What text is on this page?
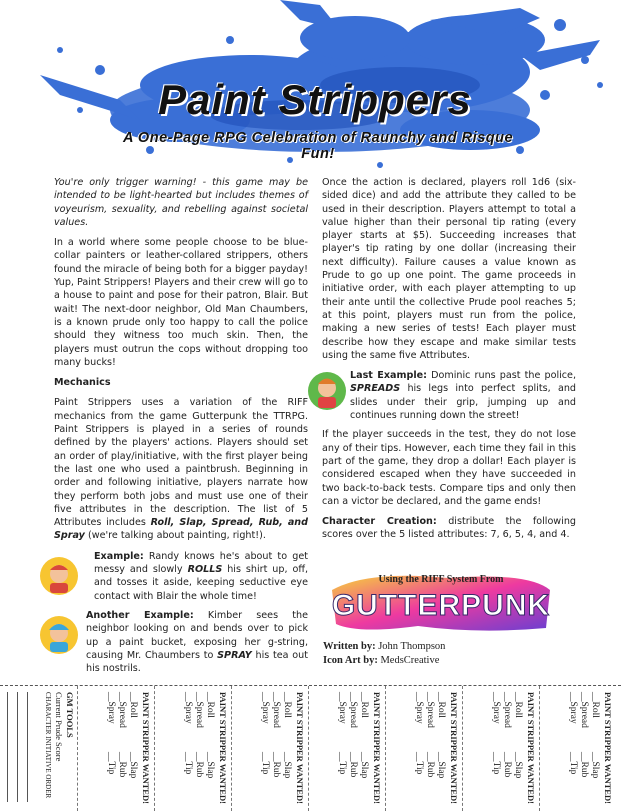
Paint Strippers
A One-Page RPG Celebration of Raunchy and Risque Fun!

You're only trigger warning! - this game may be intended to be light-hearted but includes themes of voyeurism, sexuality, and rebelling against societal values.

In a world where some people choose to be blue-collar painters or leather-collared strippers, others found the miracle of being both for a bigger payday! Yup, Paint Strippers! Players and their crew will go to a house to paint and pose for their patron, Blair. But wait! The next-door neighbor, Old Man Chaumbers, is a known prude only too happy to call the police should they witness too much skin. Then, the players must outrun the cops without dropping too many bucks!

Mechanics

Paint Strippers uses a variation of the RIFF mechanics from the game Gutterpunk the TTRPG. Paint Strippers is played in a series of rounds defined by the players' actions. Players should set an order of play/initiative, with the first player being the last one who used a paintbrush. Beginning in order and following initiative, players narrate how they perform both jobs and must use one of their five attributes in the description. The list of 5 Attributes includes Roll, Slap, Spread, Rub, and Spray (we're talking about painting, right!).

Example: Randy knows he's about to get messy and slowly ROLLS his shirt up, off, and tosses it aside, keeping seductive eye contact with Blair the whole time!
Another Example: Kimber sees the neighbor looking on and bends over to pick up a paint bucket, exposing her g-string, causing Mr. Chaumbers to SPRAY his tea out his nostrils.

Once the action is declared, players roll 1d6 (six-sided dice) and add the attribute they called to be used in their description. Players attempt to total a value higher than their personal tip rating (every player starts at $5). Succeeding increases that player's tip rating by one dollar (increasing their next difficulty). Failure causes a value known as Prude to go up one point. The game proceeds in initiative order, with each player attempting to up their ante until the collective Prude pool reaches 5; at this point, players must run from the police, making a new series of tests! Each player must describe how they escape and make similar tests using the same five Attributes.

Last Example: Dominic runs past the police, SPREADS his legs into perfect splits, and slides under their grip, jumping up and continues running down the street!

If the player succeeds in the test, they do not lose any of their tips. However, each time they fail in this part of the game, they drop a dollar! Each player is considered escaped when they have succeeded in two back-to-back tests. Compare tips and only then can a victor be declared, and the game ends!

Character Creation: distribute the following scores over the 5 listed attributes: 7, 6, 5, 4, and 4.

Using the RIFF System From
GUTTERPUNK
Written by: John Thompson
Icon Art by: MedsCreative
GM TOOLS
Current Prude Score
CHARACTER INITIATIVE ORDER	PAINT STRIPPER WANTED!
__Roll
__Spread
__Spray
__Slap
__Rub
__Tip	PAINT STRIPPER WANTED!
__Roll
__Spread
__Spray
__Slap
__Rub
__Tip	PAINT STRIPPER WANTED!
__Roll
__Spread
__Spray
__Slap
__Rub
__Tip	PAINT STRIPPER WANTED!
__Roll
__Spread
__Spray
__Slap
__Rub
__Tip	PAINT STRIPPER WANTED!
__Roll
__Spread
__Spray
__Slap
__Rub
__Tip	PAINT STRIPPER WANTED!
__Roll
__Spread
__Spray
__Slap
__Rub
__Tip	PAINT STRIPPER WANTED!
__Roll
__Spread
__Spray
__Slap
__Rub
__Tip
